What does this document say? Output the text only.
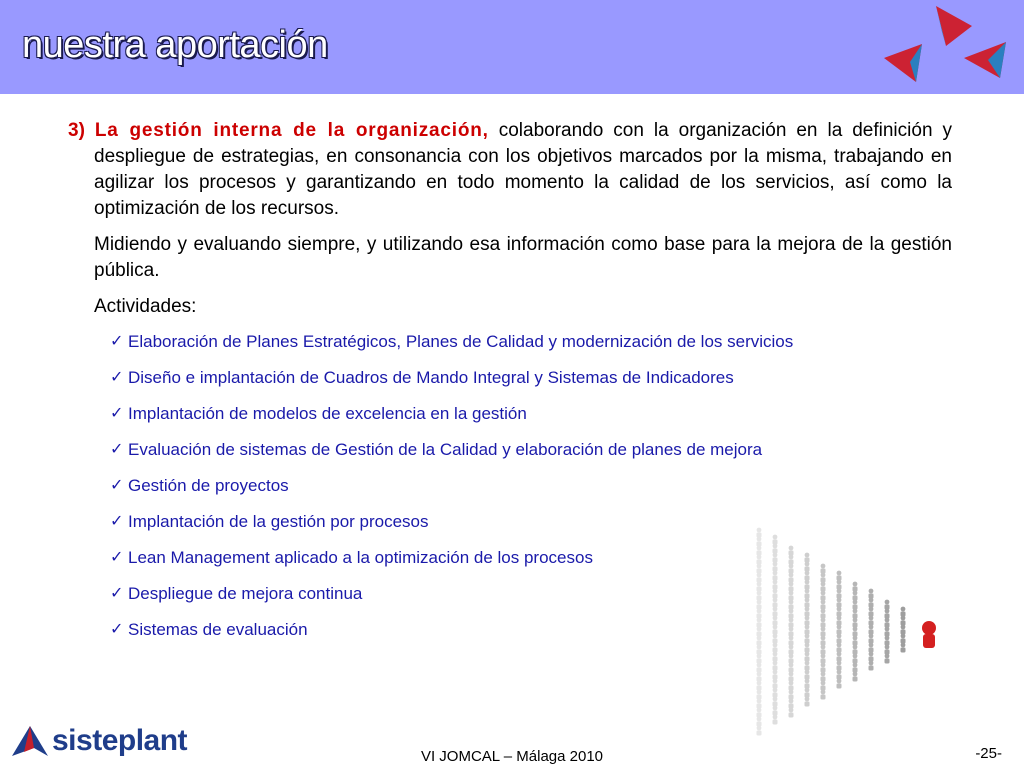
nuestra aportación

3) La gestión interna de la organización, colaborando con la organización en la definición y despliegue de estrategias, en consonancia con los objetivos marcados por la misma, trabajando en agilizar los procesos y garantizando en todo momento la calidad de los servicios, así como la optimización de los recursos.

Midiendo y evaluando siempre, y utilizando esa información como base para la mejora de la gestión pública.

Actividades:

✓ Elaboración de Planes Estratégicos, Planes de Calidad y modernización de los servicios
✓ Diseño e implantación de Cuadros de Mando Integral y Sistemas de Indicadores
✓ Implantación de modelos de excelencia en la gestión
✓ Evaluación de sistemas de Gestión de la Calidad y elaboración de planes de mejora
✓ Gestión de proyectos
✓ Implantación de la gestión por procesos
✓ Lean Management aplicado a la optimización de los procesos
✓ Despliegue de mejora continua
✓ Sistemas de evaluación
sisteplant	VI JOMCAL – Málaga 2010	-25-
